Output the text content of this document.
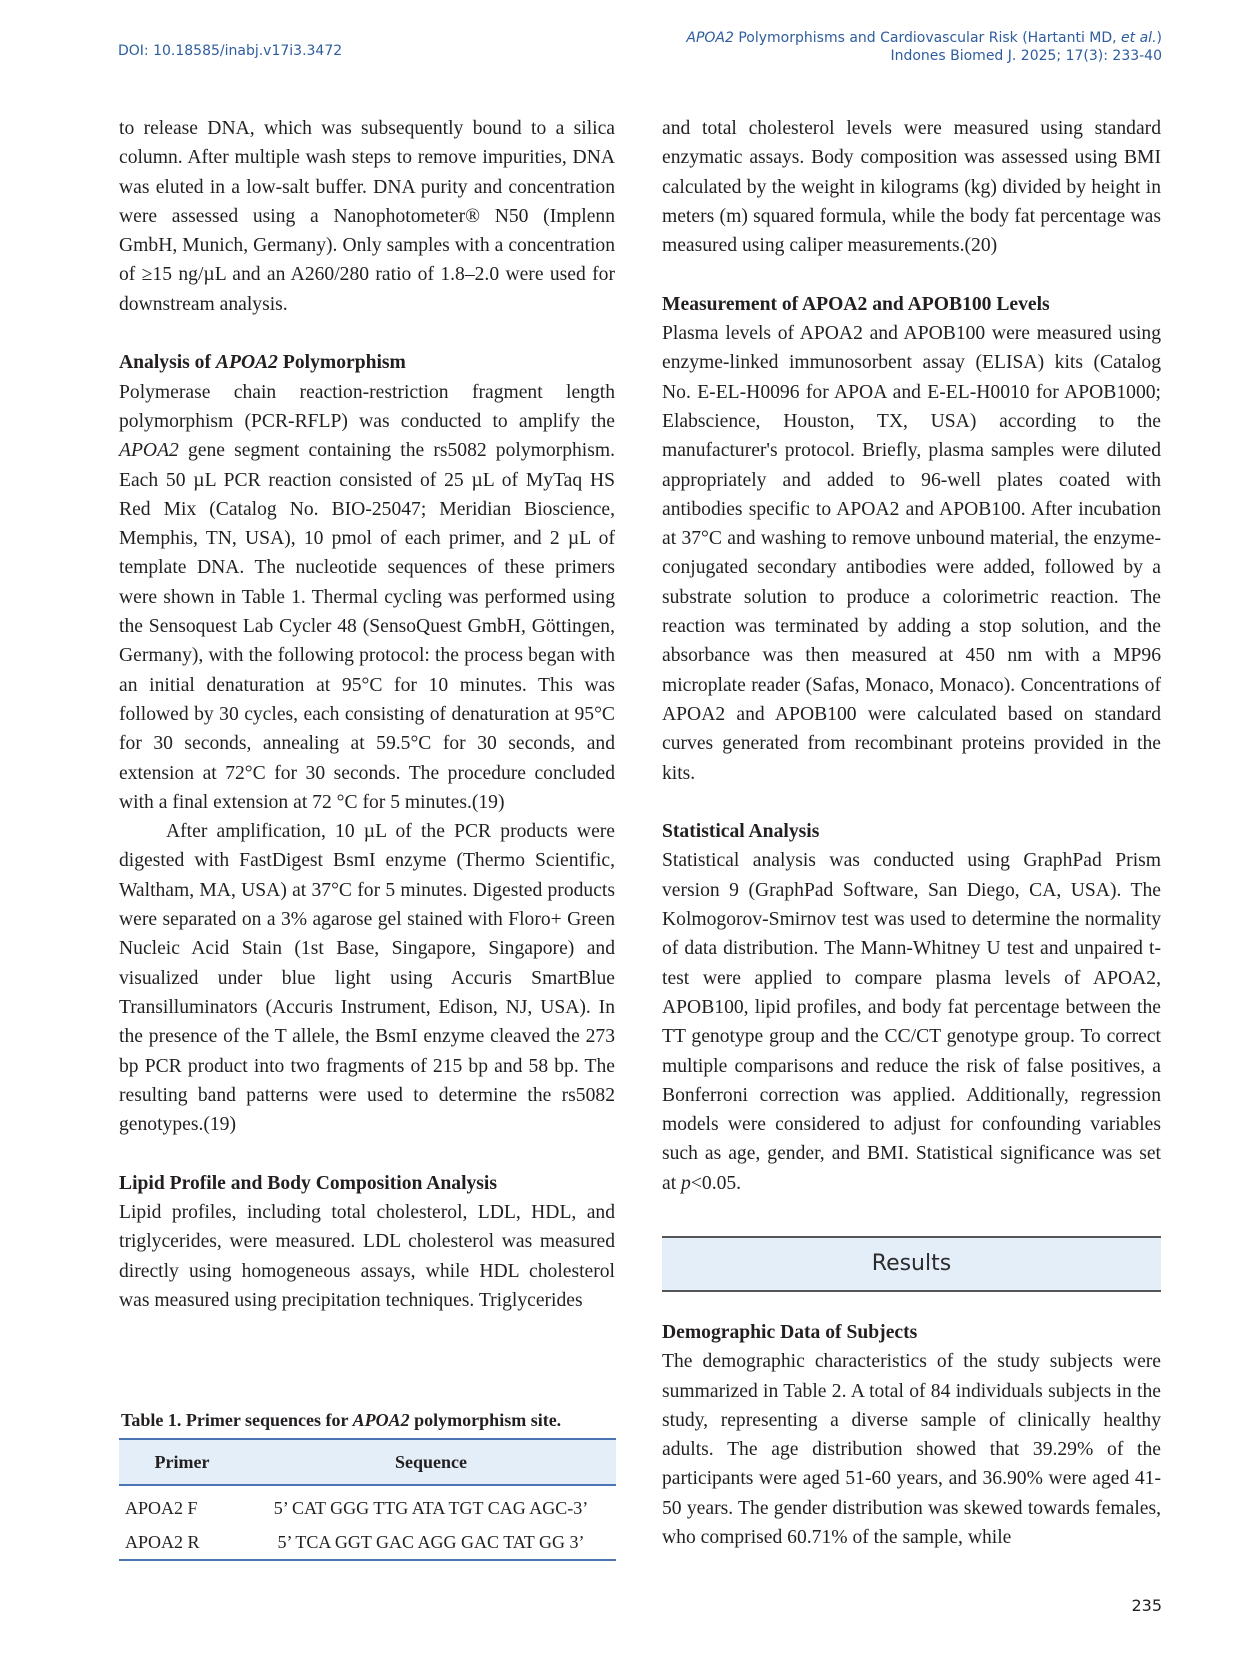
DOI: 10.18585/inabj.v17i3.3472
APOA2 Polymorphisms and Cardiovascular Risk (Hartanti MD, et al.)
Indones Biomed J. 2025; 17(3): 233-40

to release DNA, which was subsequently bound to a silica column. After multiple wash steps to remove impurities, DNA was eluted in a low-salt buffer. DNA purity and concentration were assessed using a Nanophotometer® N50 (Implenn GmbH, Munich, Germany). Only samples with a concentration of ≥15 ng/µL and an A260/280 ratio of 1.8–2.0 were used for downstream analysis.

Analysis of APOA2 Polymorphism

Polymerase chain reaction-restriction fragment length polymorphism (PCR-RFLP) was conducted to amplify the APOA2 gene segment containing the rs5082 polymorphism. Each 50 µL PCR reaction consisted of 25 µL of MyTaq HS Red Mix (Catalog No. BIO-25047; Meridian Bioscience, Memphis, TN, USA), 10 pmol of each primer, and 2 µL of template DNA. The nucleotide sequences of these primers were shown in Table 1. Thermal cycling was performed using the Sensoquest Lab Cycler 48 (SensoQuest GmbH, Göttingen, Germany), with the following protocol: the process began with an initial denaturation at 95°C for 10 minutes. This was followed by 30 cycles, each consisting of denaturation at 95°C for 30 seconds, annealing at 59.5°C for 30 seconds, and extension at 72°C for 30 seconds. The procedure concluded with a final extension at 72 °C for 5 minutes.(19)

After amplification, 10 µL of the PCR products were digested with FastDigest BsmI enzyme (Thermo Scientific, Waltham, MA, USA) at 37°C for 5 minutes. Digested products were separated on a 3% agarose gel stained with Floro+ Green Nucleic Acid Stain (1st Base, Singapore, Singapore) and visualized under blue light using Accuris SmartBlue Transilluminators (Accuris Instrument, Edison, NJ, USA). In the presence of the T allele, the BsmI enzyme cleaved the 273 bp PCR product into two fragments of 215 bp and 58 bp. The resulting band patterns were used to determine the rs5082 genotypes.(19)

Lipid Profile and Body Composition Analysis

Lipid profiles, including total cholesterol, LDL, HDL, and triglycerides, were measured. LDL cholesterol was measured directly using homogeneous assays, while HDL cholesterol was measured using precipitation techniques. Triglycerides

Table 1. Primer sequences for APOA2 polymorphism site.
Primer	Sequence
APOA2 F	5’ CAT GGG TTG ATA TGT CAG AGC-3’
APOA2 R	5’ TCA GGT GAC AGG GAC TAT GG 3’

and total cholesterol levels were measured using standard enzymatic assays. Body composition was assessed using BMI calculated by the weight in kilograms (kg) divided by height in meters (m) squared formula, while the body fat percentage was measured using caliper measurements.(20)

Measurement of APOA2 and APOB100 Levels

Plasma levels of APOA2 and APOB100 were measured using enzyme-linked immunosorbent assay (ELISA) kits (Catalog No. E-EL-H0096 for APOA and E-EL-H0010 for APOB1000; Elabscience, Houston, TX, USA) according to the manufacturer's protocol. Briefly, plasma samples were diluted appropriately and added to 96-well plates coated with antibodies specific to APOA2 and APOB100. After incubation at 37°C and washing to remove unbound material, the enzyme-conjugated secondary antibodies were added, followed by a substrate solution to produce a colorimetric reaction. The reaction was terminated by adding a stop solution, and the absorbance was then measured at 450 nm with a MP96 microplate reader (Safas, Monaco, Monaco). Concentrations of APOA2 and APOB100 were calculated based on standard curves generated from recombinant proteins provided in the kits.

Statistical Analysis

Statistical analysis was conducted using GraphPad Prism version 9 (GraphPad Software, San Diego, CA, USA). The Kolmogorov-Smirnov test was used to determine the normality of data distribution. The Mann-Whitney U test and unpaired t-test were applied to compare plasma levels of APOA2, APOB100, lipid profiles, and body fat percentage between the TT genotype group and the CC/CT genotype group. To correct multiple comparisons and reduce the risk of false positives, a Bonferroni correction was applied. Additionally, regression models were considered to adjust for confounding variables such as age, gender, and BMI. Statistical significance was set at p<0.05.

Results

Demographic Data of Subjects

The demographic characteristics of the study subjects were summarized in Table 2. A total of 84 individuals subjects in the study, representing a diverse sample of clinically healthy adults. The age distribution showed that 39.29% of the participants were aged 51-60 years, and 36.90% were aged 41-50 years. The gender distribution was skewed towards females, who comprised 60.71% of the sample, while

235
